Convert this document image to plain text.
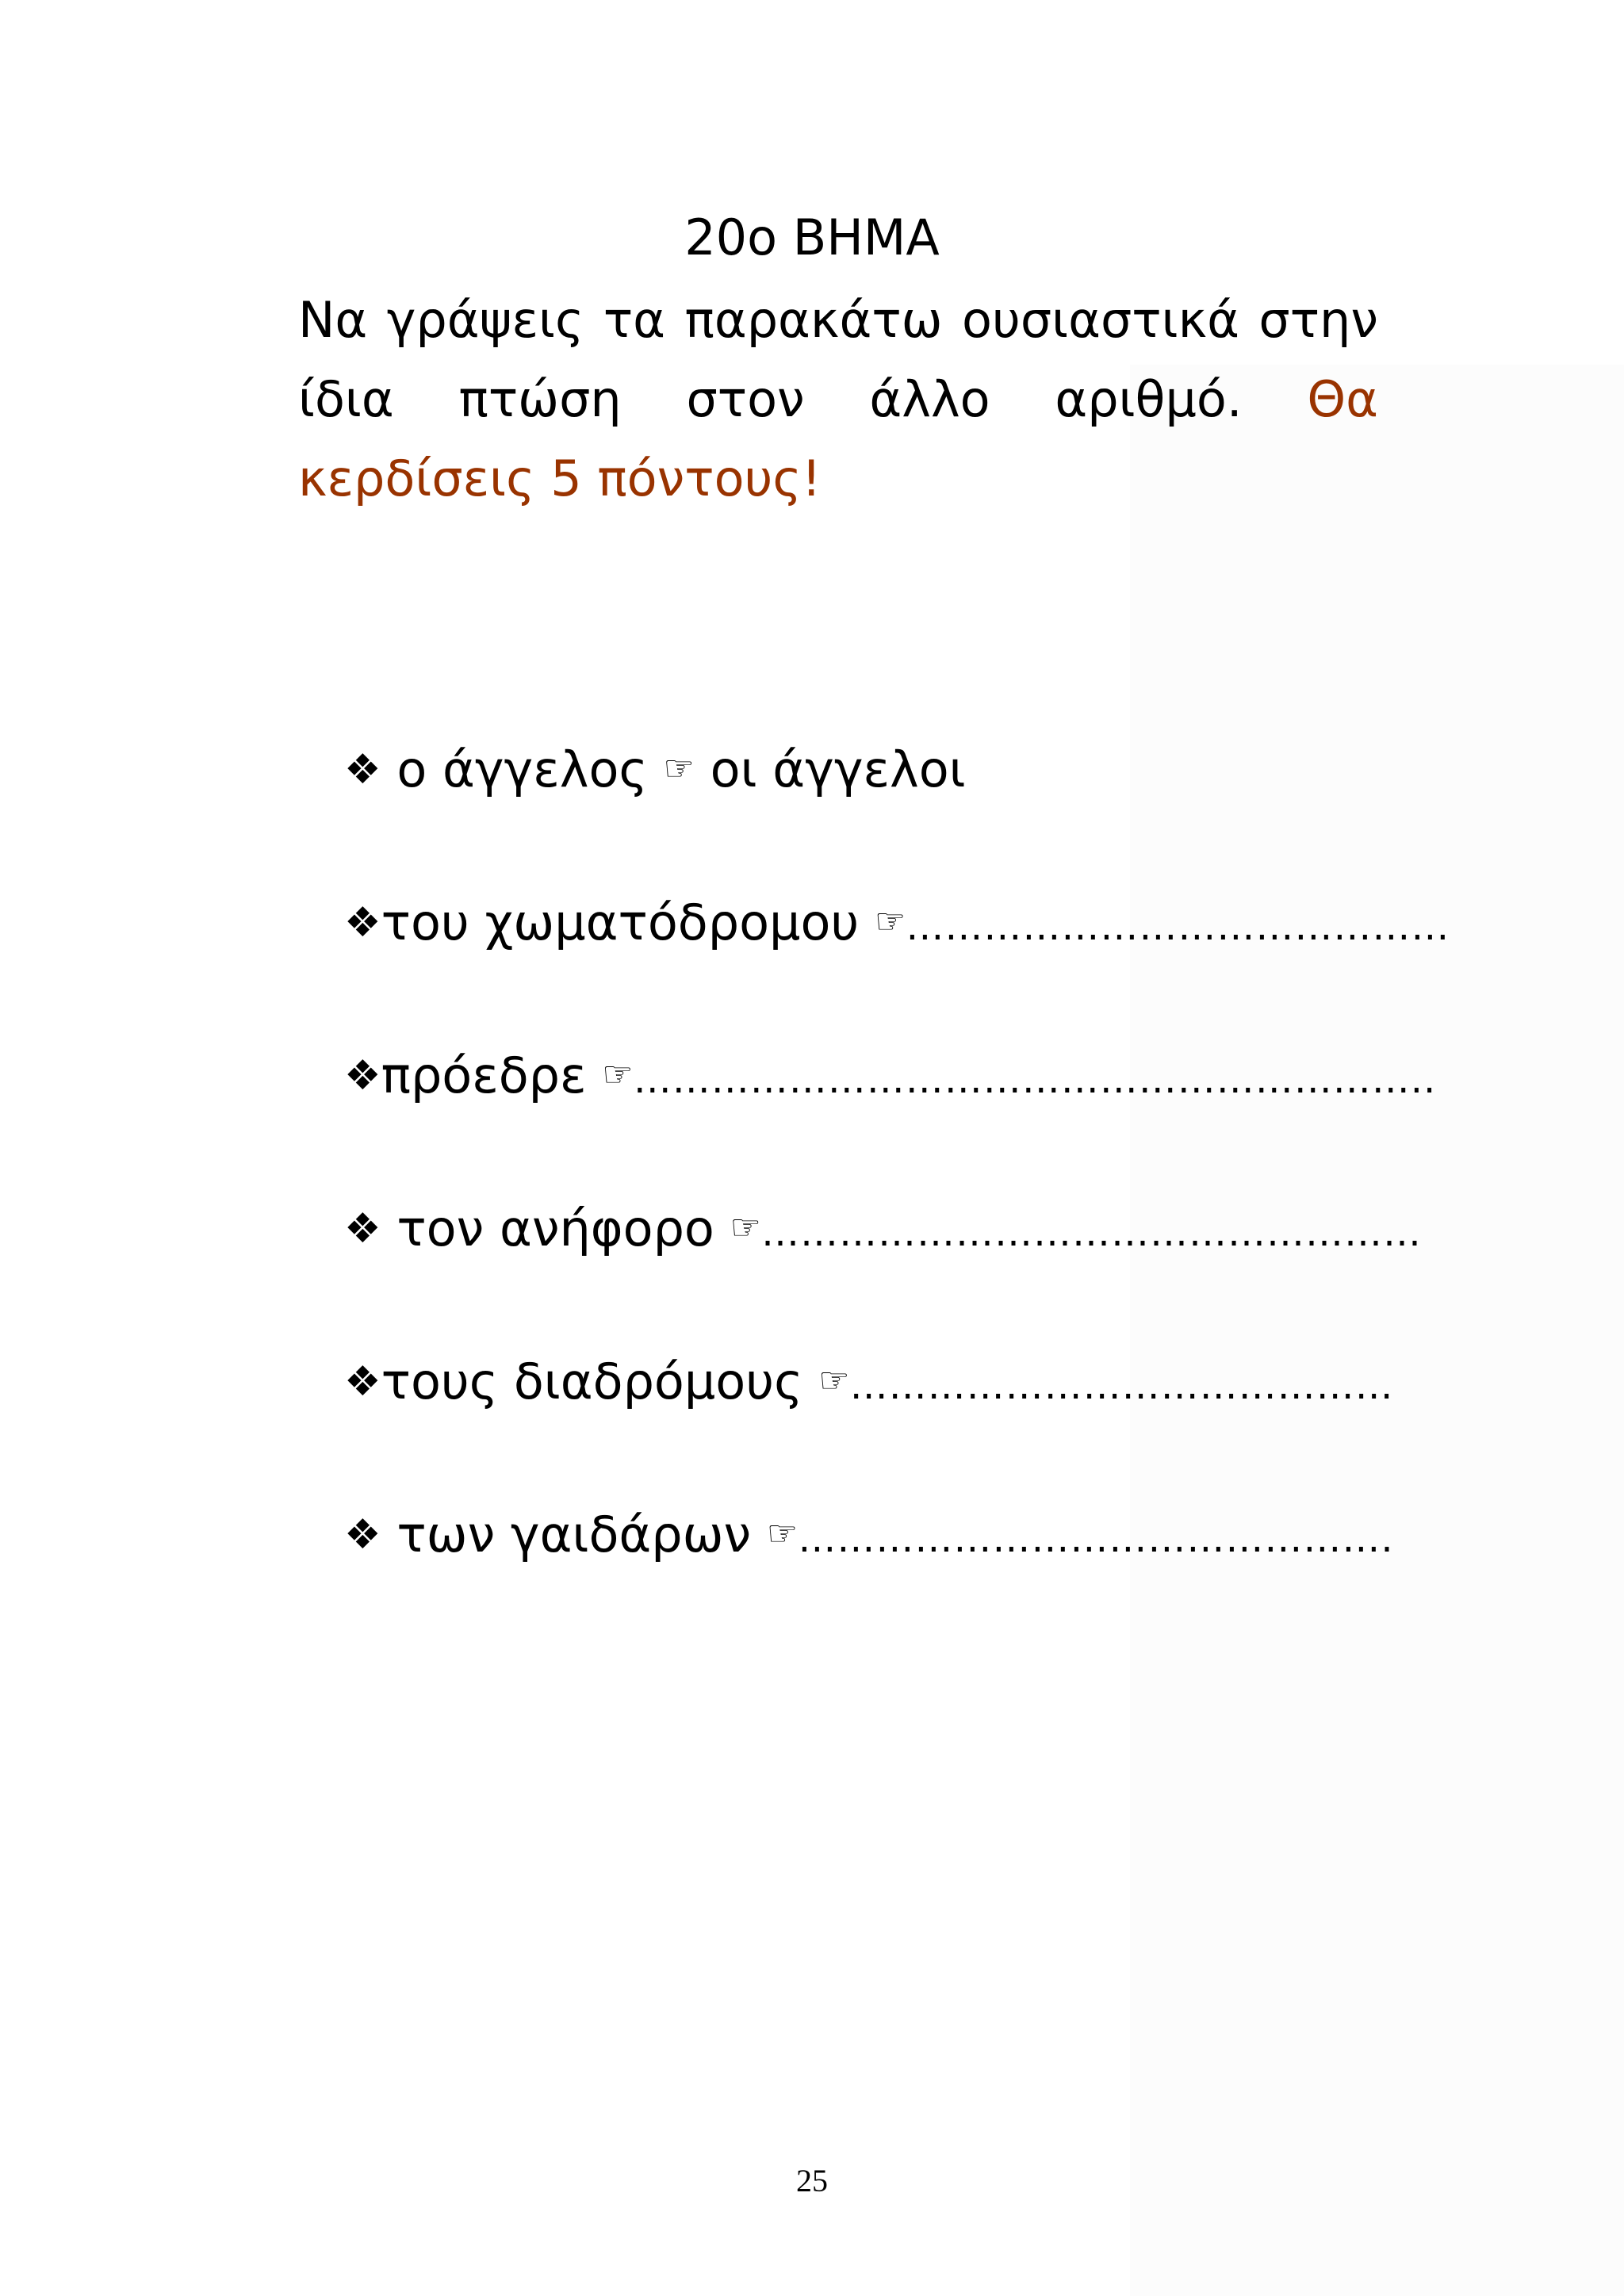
20ο ΒΗΜΑ
Να γράψεις τα παρακάτω ουσιαστικά στην ίδια πτώση στον άλλο αριθμό. Θα κερδίσεις 5 πόντους!
❖ ο άγγελος ☞ οι άγγελοι
❖του χωματόδρομου ☞……………………………………
❖πρόεδρε ☞……………………………………………………..
❖ τον ανήφορο ☞……………………………………………
❖τους διαδρόμους ☞……………………………………
❖ των γαιδάρων ☞……………………………………….
25
